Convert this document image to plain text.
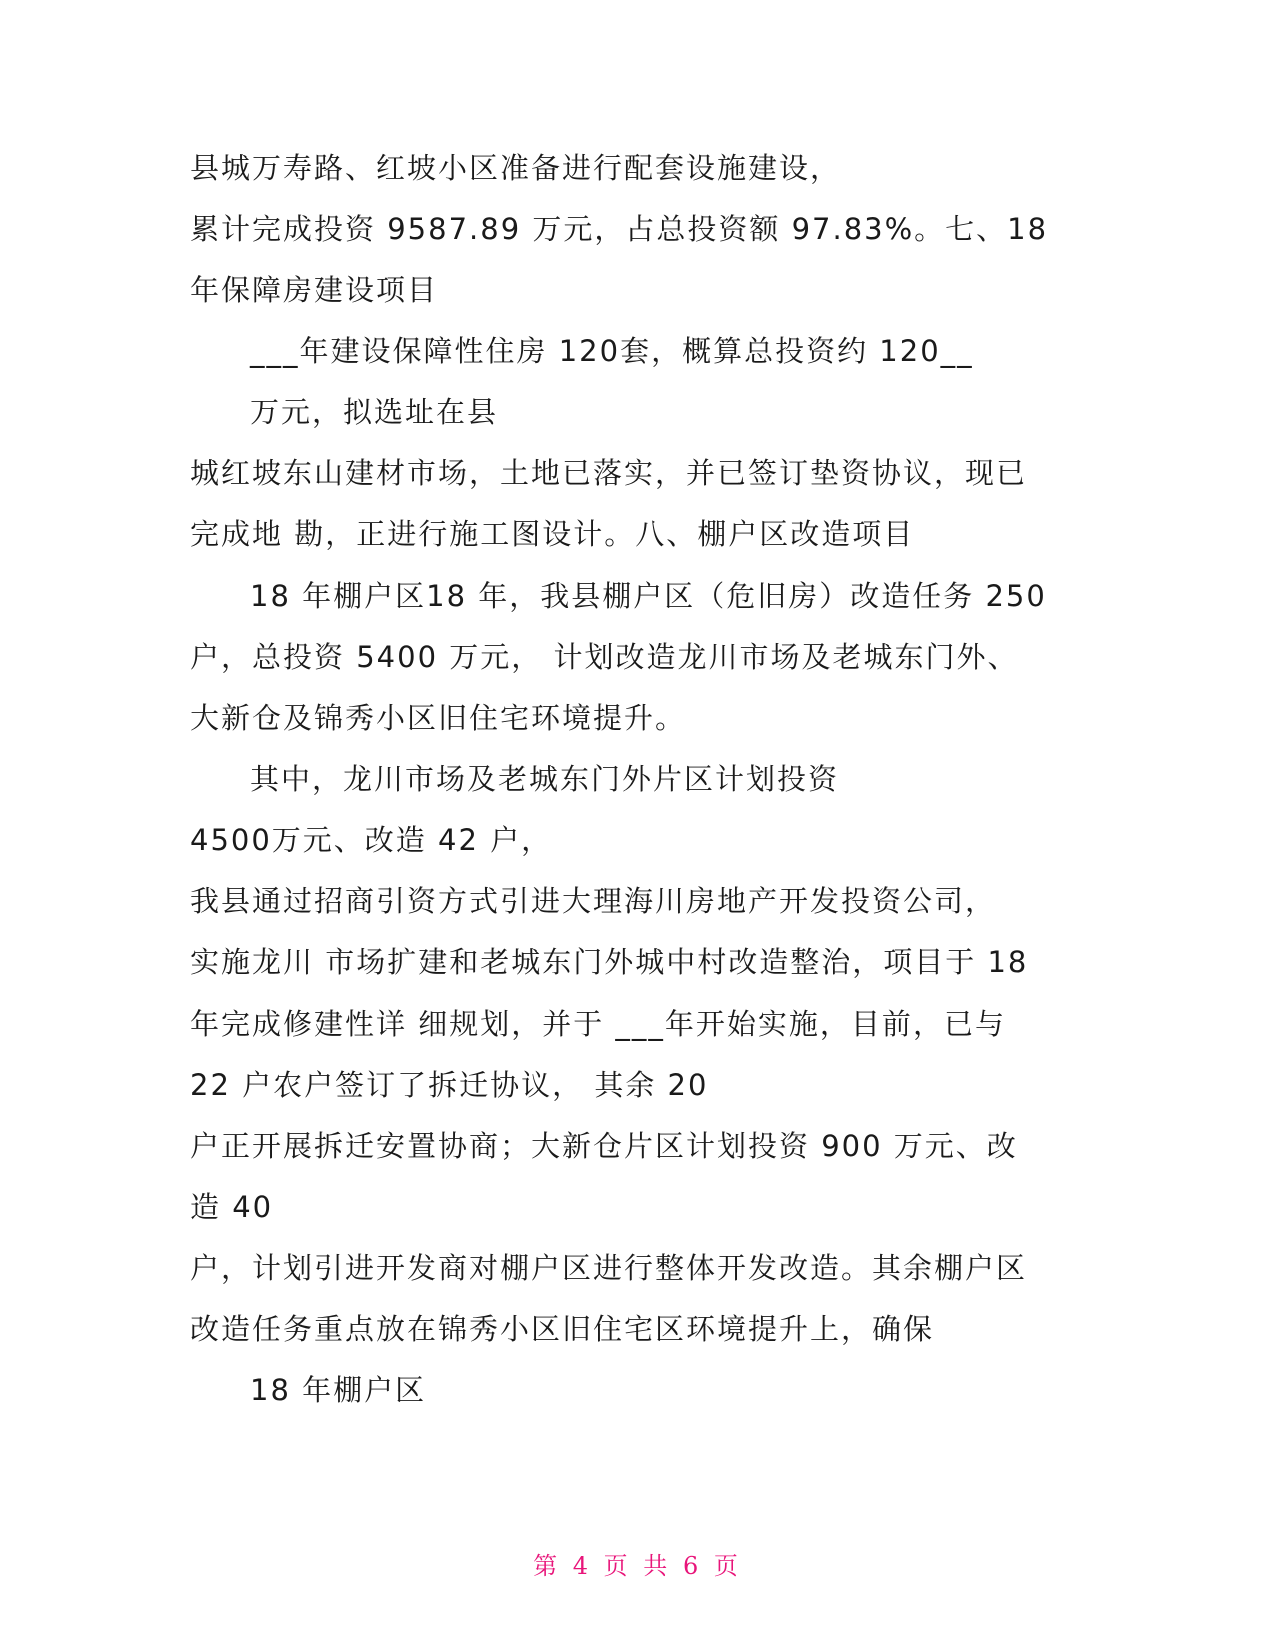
县城万寿路、红坡小区准备进行配套设施建设，
累计完成投资 9587.89 万元，占总投资额 97.83%。七、18
年保障房建设项目
___年建设保障性住房 120套，概算总投资约 120__
万元，拟选址在县
城红坡东山建材市场，土地已落实，并已签订垫资协议，现已
完成地 勘，正进行施工图设计。八、棚户区改造项目
18 年棚户区18 年，我县棚户区（危旧房）改造任务 250
户，总投资 5400 万元， 计划改造龙川市场及老城东门外、
大新仓及锦秀小区旧住宅环境提升。
其中，龙川市场及老城东门外片区计划投资
4500万元、改造 42 户，
我县通过招商引资方式引进大理海川房地产开发投资公司，
实施龙川 市场扩建和老城东门外城中村改造整治，项目于 18
年完成修建性详 细规划，并于 ___年开始实施，目前，已与
22 户农户签订了拆迁协议， 其余 20
户正开展拆迁安置协商；大新仓片区计划投资 900 万元、改
造 40
户，计划引进开发商对棚户区进行整体开发改造。其余棚户区
改造任务重点放在锦秀小区旧住宅区环境提升上，确保
18 年棚户区
第 4 页 共 6 页
